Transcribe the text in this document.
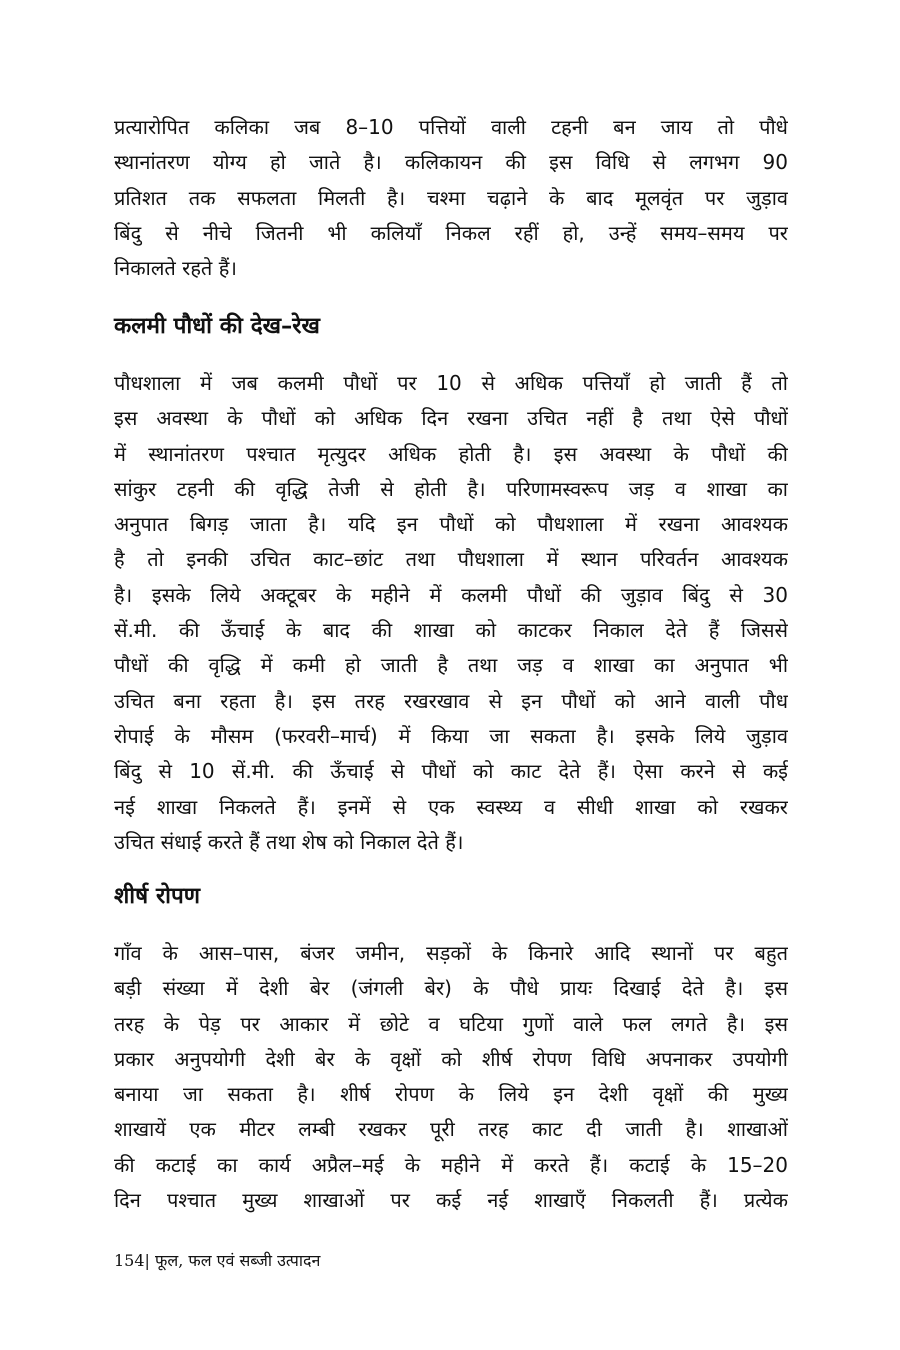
प्रत्यारोपित कलिका जब 8–10 पत्तियों वाली टहनी बन जाय तो पौधे
स्थानांतरण योग्य हो जाते है। कलिकायन की इस विधि से लगभग 90
प्रतिशत तक सफलता मिलती है। चश्मा चढ़ाने के बाद मूलवृंत पर जुड़ाव
बिंदु से नीचे जितनी भी कलियाँ निकल रहीं हो, उन्हें समय–समय पर
निकालते रहते हैं।
कलमी पौधों की देख–रेख
पौधशाला में जब कलमी पौधों पर 10 से अधिक पत्तियाँ हो जाती हैं तो
इस अवस्था के पौधों को अधिक दिन रखना उचित नहीं है तथा ऐसे पौधों
में स्थानांतरण पश्चात मृत्युदर अधिक होती है। इस अवस्था के पौधों की
सांकुर टहनी की वृद्धि तेजी से होती है। परिणामस्वरूप जड़ व शाखा का
अनुपात बिगड़ जाता है। यदि इन पौधों को पौधशाला में रखना आवश्यक
है तो इनकी उचित काट–छांट तथा पौधशाला में स्थान परिवर्तन आवश्यक
है। इसके लिये अक्टूबर के महीने में कलमी पौधों की जुड़ाव बिंदु से 30
सें.मी. की ऊँचाई के बाद की शाखा को काटकर निकाल देते हैं जिससे
पौधों की वृद्धि में कमी हो जाती है तथा जड़ व शाखा का अनुपात भी
उचित बना रहता है। इस तरह रखरखाव से इन पौधों को आने वाली पौध
रोपाई के मौसम (फरवरी–मार्च) में किया जा सकता है। इसके लिये जुड़ाव
बिंदु से 10 सें.मी. की ऊँचाई से पौधों को काट देते हैं। ऐसा करने से कई
नई शाखा निकलते हैं। इनमें से एक स्वस्थ्य व सीधी शाखा को रखकर
उचित संधाई करते हैं तथा शेष को निकाल देते हैं।
शीर्ष रोपण
गाँव के आस–पास, बंजर जमीन, सड़कों के किनारे आदि स्थानों पर बहुत
बड़ी संख्या में देशी बेर (जंगली बेर) के पौधे प्रायः दिखाई देते है। इस
तरह के पेड़ पर आकार में छोटे व घटिया गुणों वाले फल लगते है। इस
प्रकार अनुपयोगी देशी बेर के वृक्षों को शीर्ष रोपण विधि अपनाकर उपयोगी
बनाया जा सकता है। शीर्ष रोपण के लिये इन देशी वृक्षों की मुख्य
शाखायें एक मीटर लम्बी रखकर पूरी तरह काट दी जाती है। शाखाओं
की कटाई का कार्य अप्रैल–मई के महीने में करते हैं। कटाई के 15–20
दिन पश्चात मुख्य शाखाओं पर कई नई शाखाएँ निकलती हैं। प्रत्येक
154| फूल, फल एवं सब्जी उत्पादन
